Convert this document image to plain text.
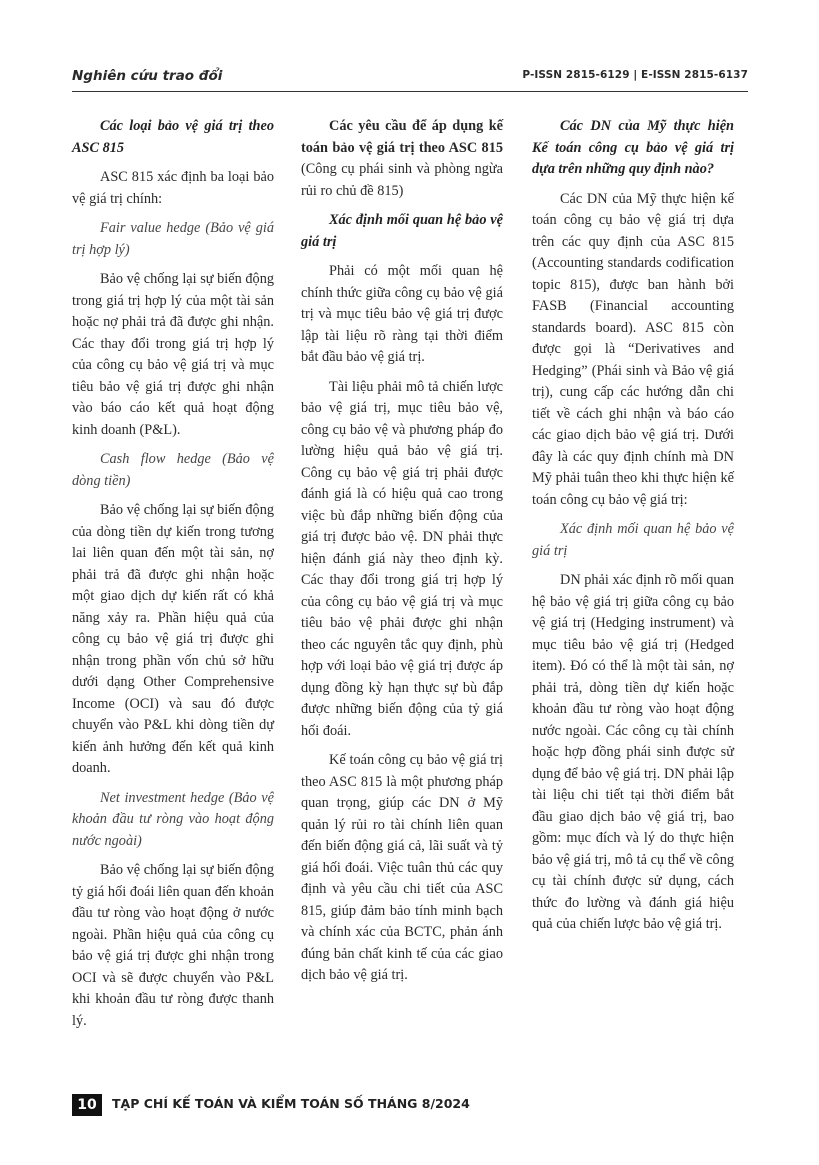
Nghiên cứu trao đổi	P-ISSN 2815-6129 | E-ISSN 2815-6137

Các loại bảo vệ giá trị theo ASC 815

ASC 815 xác định ba loại bảo vệ giá trị chính:

Fair value hedge (Bảo vệ giá trị hợp lý)

Bảo vệ chống lại sự biến động trong giá trị hợp lý của một tài sản hoặc nợ phải trả đã được ghi nhận. Các thay đổi trong giá trị hợp lý của công cụ bảo vệ giá trị và mục tiêu bảo vệ giá trị được ghi nhận vào báo cáo kết quả hoạt động kinh doanh (P&L).

Cash flow hedge (Bảo vệ dòng tiền)

Bảo vệ chống lại sự biến động của dòng tiền dự kiến trong tương lai liên quan đến một tài sản, nợ phải trả đã được ghi nhận hoặc một giao dịch dự kiến rất có khả năng xảy ra. Phần hiệu quả của công cụ bảo vệ giá trị được ghi nhận trong phần vốn chủ sở hữu dưới dạng Other Comprehensive Income (OCI) và sau đó được chuyển vào P&L khi dòng tiền dự kiến ảnh hưởng đến kết quả kinh doanh.

Net investment hedge (Bảo vệ khoản đầu tư ròng vào hoạt động nước ngoài)

Bảo vệ chống lại sự biến động tỷ giá hối đoái liên quan đến khoản đầu tư ròng vào hoạt động ở nước ngoài. Phần hiệu quả của công cụ bảo vệ giá trị được ghi nhận trong OCI và sẽ được chuyển vào P&L khi khoản đầu tư ròng được thanh lý.

Các yêu cầu để áp dụng kế toán bảo vệ giá trị theo ASC 815 (Công cụ phái sinh và phòng ngừa rủi ro chủ đề 815)

Xác định mối quan hệ bảo vệ giá trị

Phải có một mối quan hệ chính thức giữa công cụ bảo vệ giá trị và mục tiêu bảo vệ giá trị được lập tài liệu rõ ràng tại thời điểm bắt đầu bảo vệ giá trị.

Tài liệu phải mô tả chiến lược bảo vệ giá trị, mục tiêu bảo vệ, công cụ bảo vệ và phương pháp đo lường hiệu quả bảo vệ giá trị. Công cụ bảo vệ giá trị phải được đánh giá là có hiệu quả cao trong việc bù đắp những biến động của giá trị được bảo vệ. DN phải thực hiện đánh giá này theo định kỳ. Các thay đổi trong giá trị hợp lý của công cụ bảo vệ giá trị và mục tiêu bảo vệ phải được ghi nhận theo các nguyên tắc quy định, phù hợp với loại bảo vệ giá trị được áp dụng đồng kỳ hạn thực sự bù đắp được những biến động của tỷ giá hối đoái.

Kế toán công cụ bảo vệ giá trị theo ASC 815 là một phương pháp quan trọng, giúp các DN ở Mỹ quản lý rủi ro tài chính liên quan đến biến động giá cả, lãi suất và tỷ giá hối đoái. Việc tuân thủ các quy định và yêu cầu chi tiết của ASC 815, giúp đảm bảo tính minh bạch và chính xác của BCTC, phản ánh đúng bản chất kinh tế của các giao dịch bảo vệ giá trị.

Các DN của Mỹ thực hiện Kế toán công cụ bảo vệ giá trị dựa trên những quy định nào?

Các DN của Mỹ thực hiện kế toán công cụ bảo vệ giá trị dựa trên các quy định của ASC 815 (Accounting standards codification topic 815), được ban hành bởi FASB (Financial accounting standards board). ASC 815 còn được gọi là “Derivatives and Hedging” (Phái sinh và Bảo vệ giá trị), cung cấp các hướng dẫn chi tiết về cách ghi nhận và báo cáo các giao dịch bảo vệ giá trị. Dưới đây là các quy định chính mà DN Mỹ phải tuân theo khi thực hiện kế toán công cụ bảo vệ giá trị:

Xác định mối quan hệ bảo vệ giá trị

DN phải xác định rõ mối quan hệ bảo vệ giá trị giữa công cụ bảo vệ giá trị (Hedging instrument) và mục tiêu bảo vệ giá trị (Hedged item). Đó có thể là một tài sản, nợ phải trả, dòng tiền dự kiến hoặc khoản đầu tư ròng vào hoạt động nước ngoài. Các công cụ tài chính hoặc hợp đồng phái sinh được sử dụng để bảo vệ giá trị. DN phải lập tài liệu chi tiết tại thời điểm bắt đầu giao dịch bảo vệ giá trị, bao gồm: mục đích và lý do thực hiện bảo vệ giá trị, mô tả cụ thể về công cụ tài chính được sử dụng, cách thức đo lường và đánh giá hiệu quả của chiến lược bảo vệ giá trị.

10	TẠP CHÍ KẾ TOÁN VÀ KIỂM TOÁN SỐ THÁNG 8/2024
